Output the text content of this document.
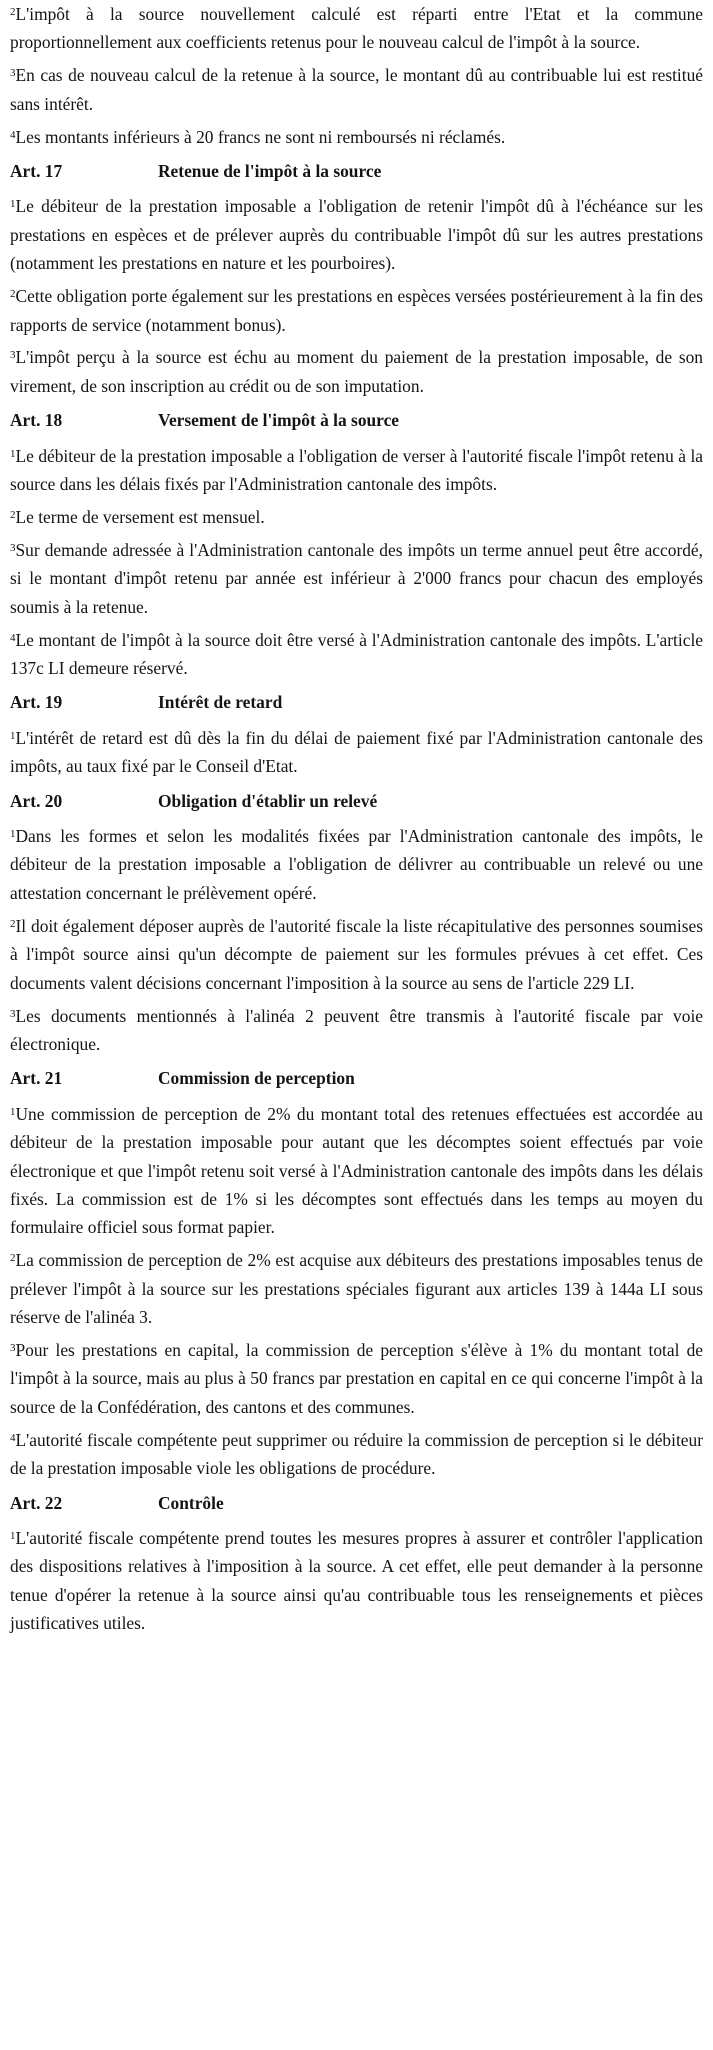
$^2$L'impôt à la source nouvellement calculé est réparti entre l'Etat et la commune proportionnellement aux coefficients retenus pour le nouveau calcul de l'impôt à la source.

$^3$En cas de nouveau calcul de la retenue à la source, le montant dû au contribuable lui est restitué sans intérêt.

$^4$Les montants inférieurs à 20 francs ne sont ni remboursés ni réclamés.

Art. 17	Retenue de l'impôt à la source

$^1$Le débiteur de la prestation imposable a l'obligation de retenir l'impôt dû à l'échéance sur les prestations en espèces et de prélever auprès du contribuable l'impôt dû sur les autres prestations (notamment les prestations en nature et les pourboires).

$^2$Cette obligation porte également sur les prestations en espèces versées postérieurement à la fin des rapports de service (notamment bonus).

$^3$L'impôt perçu à la source est échu au moment du paiement de la prestation imposable, de son virement, de son inscription au crédit ou de son imputation.

Art. 18	Versement de l'impôt à la source

$^1$Le débiteur de la prestation imposable a l'obligation de verser à l'autorité fiscale l'impôt retenu à la source dans les délais fixés par l'Administration cantonale des impôts.

$^2$Le terme de versement est mensuel.

$^3$Sur demande adressée à l'Administration cantonale des impôts un terme annuel peut être accordé, si le montant d'impôt retenu par année est inférieur à 2'000 francs pour chacun des employés soumis à la retenue.

$^4$Le montant de l'impôt à la source doit être versé à l'Administration cantonale des impôts. L'article 137c LI demeure réservé.

Art. 19	Intérêt de retard

$^1$L'intérêt de retard est dû dès la fin du délai de paiement fixé par l'Administration cantonale des impôts, au taux fixé par le Conseil d'Etat.

Art. 20	Obligation d'établir un relevé

$^1$Dans les formes et selon les modalités fixées par l'Administration cantonale des impôts, le débiteur de la prestation imposable a l'obligation de délivrer au contribuable un relevé ou une attestation concernant le prélèvement opéré.

$^2$Il doit également déposer auprès de l'autorité fiscale la liste récapitulative des personnes soumises à l'impôt source ainsi qu'un décompte de paiement sur les formules prévues à cet effet. Ces documents valent décisions concernant l'imposition à la source au sens de l'article 229 LI.

$^3$Les documents mentionnés à l'alinéa 2 peuvent être transmis à l'autorité fiscale par voie électronique.

Art. 21	Commission de perception

$^1$Une commission de perception de 2% du montant total des retenues effectuées est accordée au débiteur de la prestation imposable pour autant que les décomptes soient effectués par voie électronique et que l'impôt retenu soit versé à l'Administration cantonale des impôts dans les délais fixés. La commission est de 1% si les décomptes sont effectués dans les temps au moyen du formulaire officiel sous format papier.

$^2$La commission de perception de 2% est acquise aux débiteurs des prestations imposables tenus de prélever l'impôt à la source sur les prestations spéciales figurant aux articles 139 à 144a LI sous réserve de l'alinéa 3.

$^3$Pour les prestations en capital, la commission de perception s'élève à 1% du montant total de l'impôt à la source, mais au plus à 50 francs par prestation en capital en ce qui concerne l'impôt à la source de la Confédération, des cantons et des communes.

$^4$L'autorité fiscale compétente peut supprimer ou réduire la commission de perception si le débiteur de la prestation imposable viole les obligations de procédure.

Art. 22	Contrôle

$^1$L'autorité fiscale compétente prend toutes les mesures propres à assurer et contrôler l'application des dispositions relatives à l'imposition à la source. A cet effet, elle peut demander à la personne tenue d'opérer la retenue à la source ainsi qu'au contribuable tous les renseignements et pièces justificatives utiles.
